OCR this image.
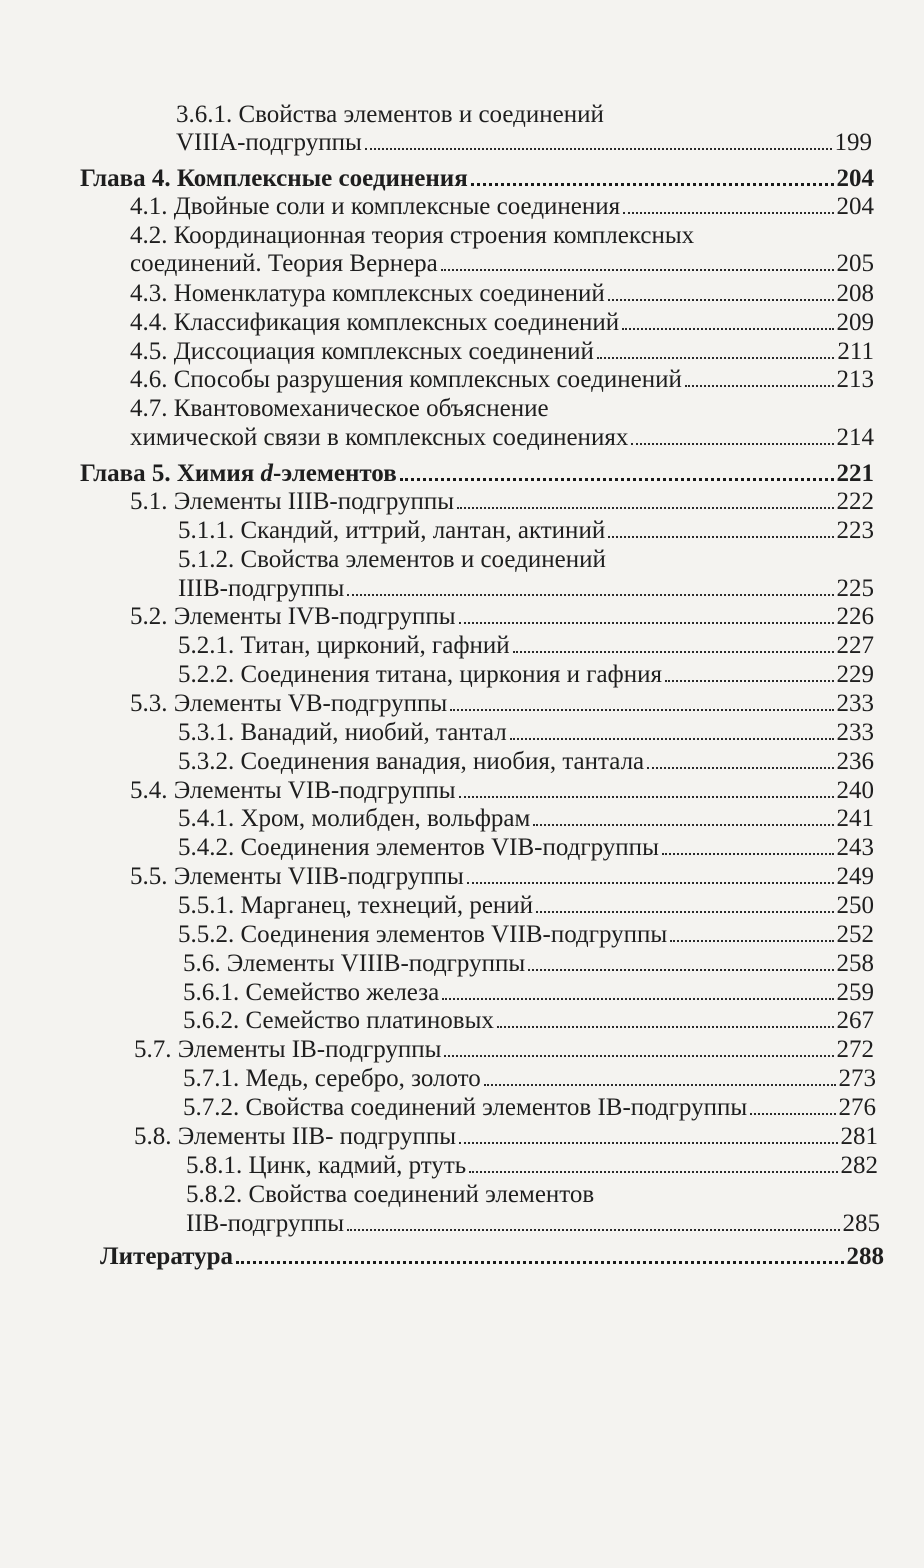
3.6.1. Свойства элементов и соединений
VIIIA-подгруппы	199
Глава 4. Комплексные соединения	204
4.1. Двойные соли и комплексные соединения	204
4.2. Координационная теория строения комплексных
соединений. Теория Вернера	205
4.3. Номенклатура комплексных соединений	208
4.4. Классификация комплексных соединений	209
4.5. Диссоциация комплексных соединений	211
4.6. Способы разрушения комплексных соединений	213
4.7. Квантовомеханическое объяснение
химической связи в комплексных соединениях	214
Глава 5. Химия d-элементов	221
5.1. Элементы IIIB-подгруппы	222
5.1.1. Скандий, иттрий, лантан, актиний	223
5.1.2. Свойства элементов и соединений
IIIB-подгруппы	225
5.2. Элементы IVB-подгруппы	226
5.2.1. Титан, цирконий, гафний	227
5.2.2. Соединения титана, циркония и гафния	229
5.3. Элементы VB-подгруппы	233
5.3.1. Ванадий, ниобий, тантал	233
5.3.2. Соединения ванадия, ниобия, тантала	236
5.4. Элементы VIB-подгруппы	240
5.4.1. Хром, молибден, вольфрам	241
5.4.2. Соединения элементов VIB-подгруппы	243
5.5. Элементы VIIB-подгруппы	249
5.5.1. Марганец, технеций, рений	250
5.5.2. Соединения элементов VIIB-подгруппы	252
5.6. Элементы VIIIB-подгруппы	258
5.6.1. Семейство железа	259
5.6.2. Семейство платиновых	267
5.7. Элементы IB-подгруппы	272
5.7.1. Медь, серебро, золото	273
5.7.2. Свойства соединений элементов IB-подгруппы	276
5.8. Элементы IIB- подгруппы	281
5.8.1. Цинк, кадмий, ртуть	282
5.8.2. Свойства соединений элементов
IIB-подгруппы	285
Литература	288
